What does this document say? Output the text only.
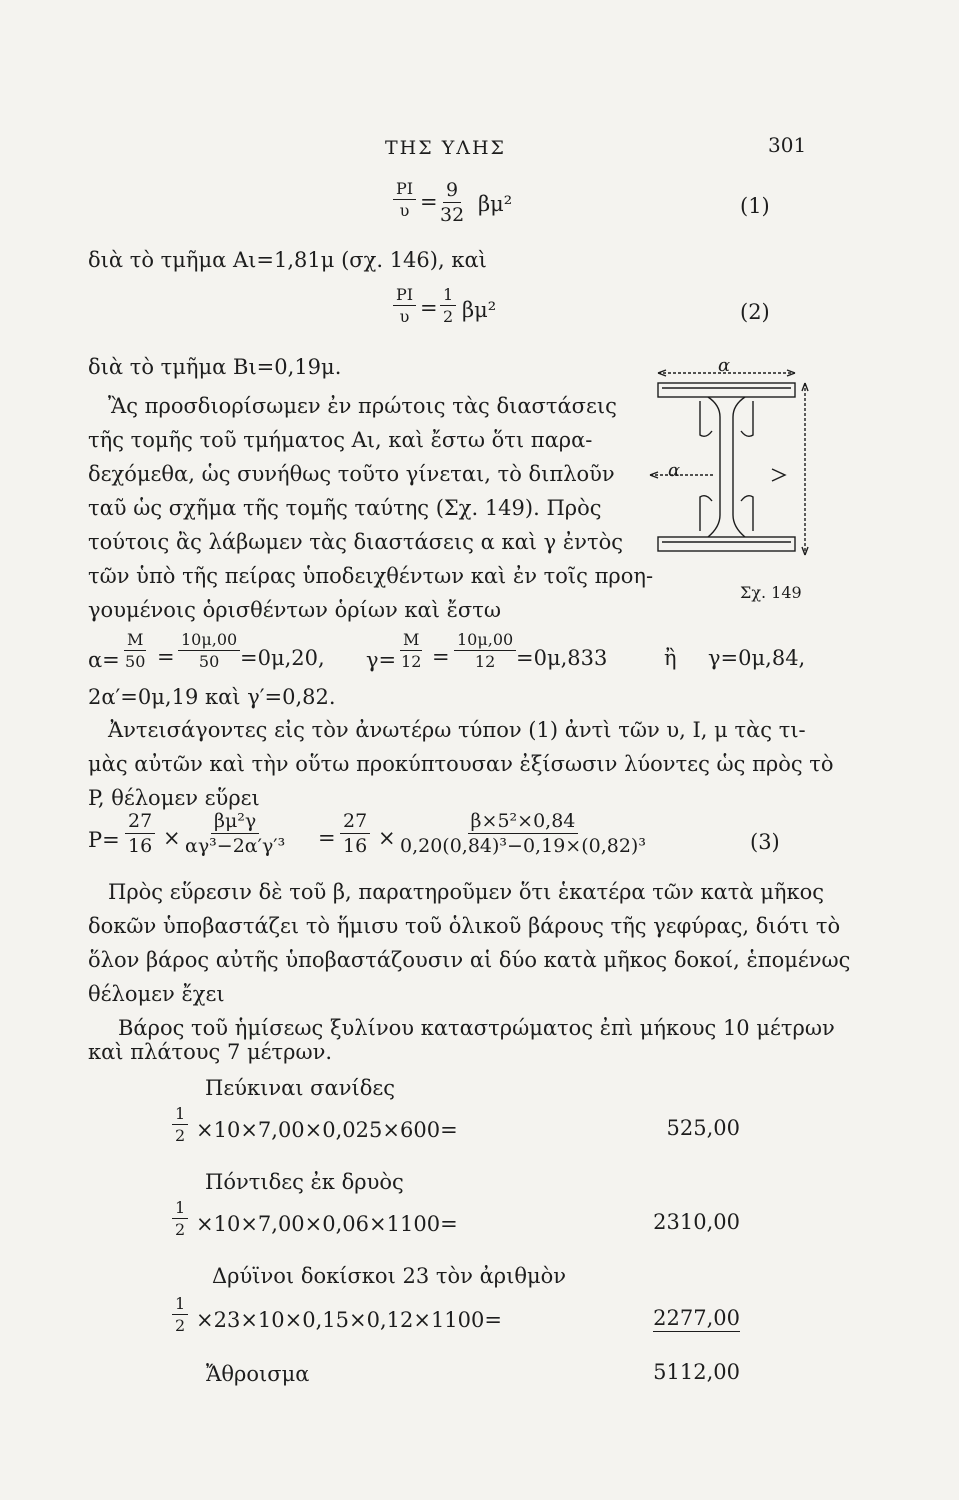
ΤΗΣ ΥΛΗΣ	301
$\frac{PI}{\upsilon} = \frac{9}{32} \beta\mu^2$	(1)
διὰ τὸ τμῆμα Αι=1,81μ (σχ. 146), καὶ
$\frac{PI}{\upsilon} = \frac{1}{2} \beta\mu^2$	(2)
διὰ τὸ τμῆμα Βι=0,19μ.
Ἂς προσδιορίσωμεν ἐν πρώτοις τὰς διαστάσεις
τῆς τομῆς τοῦ τμήματος Αι, καὶ ἔστω ὅτι παρα-
δεχόμεθα, ὡς συνήθως τοῦτο γίνεται, τὸ διπλοῦν
ταῦ ὡς σχῆμα τῆς τομῆς ταύτης (Σχ. 149). Πρὸς
τούτοις ἂς λάβωμεν τὰς διαστάσεις α καὶ γ ἐντὸς
τῶν ὑπὸ τῆς πείρας ὑποδειχθέντων καὶ ἐν τοῖς προη-
γουμένοις ὁρισθέντων ὁρίων καὶ ἔστω
α
α
Σχ. 149
$\alpha= \frac{M}{50} = \frac{10\mu,00}{50} =0\mu,20$, $\gamma= \frac{M}{12} = \frac{10\mu,00}{12} =0\mu,833$	ἢ γ=0μ,84,
2α′=0μ,19 καὶ γ′=0,82.
Ἀντεισάγοντες εἰς τὸν ἀνωτέρω τύπον (1) ἀντὶ τῶν υ, Ι, μ τὰς τι-
μὰς αὐτῶν καὶ τὴν οὕτω προκύπτουσαν ἐξίσωσιν λύοντες ὡς πρὸς τὸ
P, θέλομεν εὕρει
$P= \frac{27}{16} \times \frac{\text{βμ²γ}}{\text{αγ³−2α′γ′³}} = \frac{27}{16} \times \frac{\text{β×5²×0,84}}{\text{0,20(0,84)³−0,19×(0,82)³}}$	(3)
Πρὸς εὕρεσιν δὲ τοῦ β, παρατηροῦμεν ὅτι ἑκατέρα τῶν κατὰ μῆκος
δοκῶν ὑποβαστάζει τὸ ἥμισυ τοῦ ὁλικοῦ βάρους τῆς γεφύρας, διότι τὸ
ὅλον βάρος αὐτῆς ὑποβαστάζουσιν αἱ δύο κατὰ μῆκος δοκοί, ἑπομένως
θέλομεν ἔχει
Βάρος τοῦ ἡμίσεως ξυλίνου καταστρώματος ἐπὶ μήκους 10 μέτρων
καὶ πλάτους 7 μέτρων.
Πεύκιναι σανίδες
$\frac{1}{2} \times 10\times 7,00\times 0,025\times 600=$	525,00
Πόντιδες ἐκ δρυὸς
$\frac{1}{2} \times 10\times 7,00\times 0,06\times 1100=$	2310,00
Δρύϊνοι δοκίσκοι 23 τὸν ἀριθμὸν
$\frac{1}{2} \times 23\times 10\times 0,15\times 0,12\times 1100=$	2277,00
Ἄθροισμα	5112,00
